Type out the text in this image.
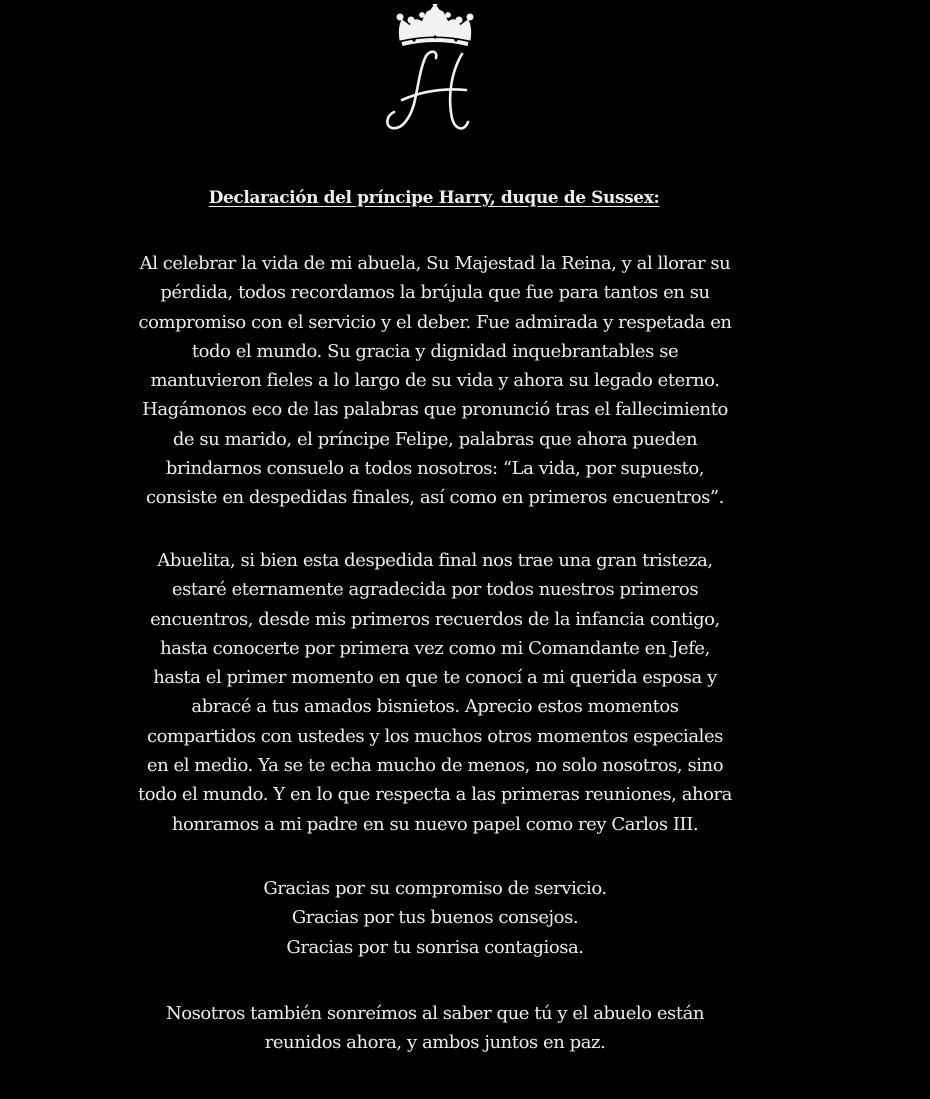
Declaración del príncipe Harry, duque de Sussex:

Al celebrar la vida de mi abuela, Su Majestad la Reina, y al llorar su
pérdida, todos recordamos la brújula que fue para tantos en su
compromiso con el servicio y el deber. Fue admirada y respetada en
todo el mundo. Su gracia y dignidad inquebrantables se
mantuvieron fieles a lo largo de su vida y ahora su legado eterno.
Hagámonos eco de las palabras que pronunció tras el fallecimiento
de su marido, el príncipe Felipe, palabras que ahora pueden
brindarnos consuelo a todos nosotros: “La vida, por supuesto,
consiste en despedidas finales, así como en primeros encuentros”.

Abuelita, si bien esta despedida final nos trae una gran tristeza,
estaré eternamente agradecida por todos nuestros primeros
encuentros, desde mis primeros recuerdos de la infancia contigo,
hasta conocerte por primera vez como mi Comandante en Jefe,
hasta el primer momento en que te conocí a mi querida esposa y
abracé a tus amados bisnietos. Aprecio estos momentos
compartidos con ustedes y los muchos otros momentos especiales
en el medio. Ya se te echa mucho de menos, no solo nosotros, sino
todo el mundo. Y en lo que respecta a las primeras reuniones, ahora
honramos a mi padre en su nuevo papel como rey Carlos III.

Gracias por su compromiso de servicio.
Gracias por tus buenos consejos.
Gracias por tu sonrisa contagiosa.

Nosotros también sonreímos al saber que tú y el abuelo están
reunidos ahora, y ambos juntos en paz.
